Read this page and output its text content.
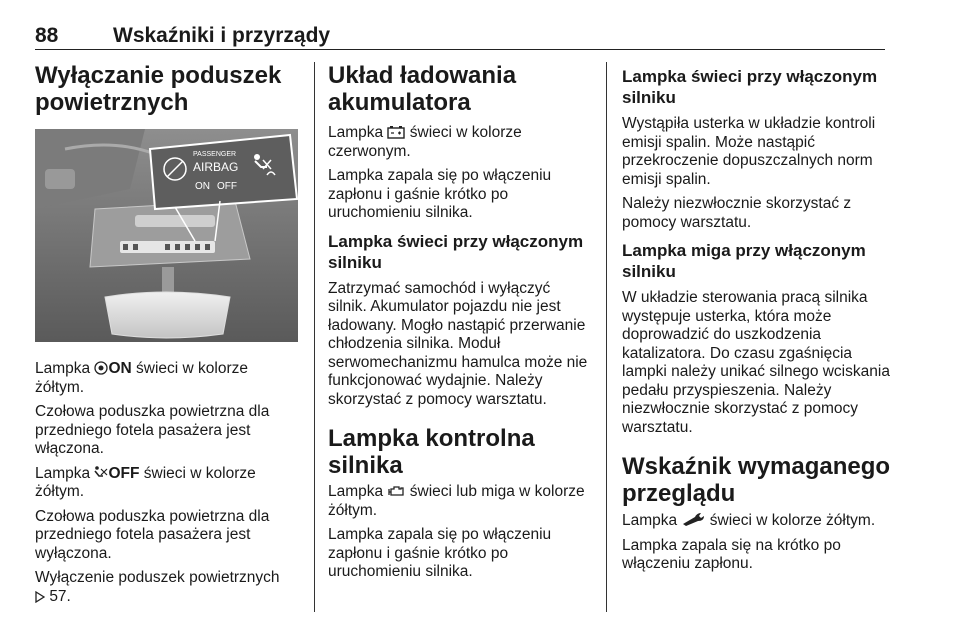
88	Wskaźniki i przyrządy
Wyłączanie poduszek powietrznych
PASSENGER
AIRBAG
ON OFF

Lampka ON świeci w kolorze żółtym.

Czołowa poduszka powietrzna dla przedniego fotela pasażera jest włączona.

Lampka OFF świeci w kolorze żółtym.

Czołowa poduszka powietrzna dla przedniego fotela pasażera jest wyłączona.

Wyłączenie poduszek powietrznych
57.

Układ ładowania akumulatora

Lampka  świeci w kolorze czerwonym.

Lampka zapala się po włączeniu zapłonu i gaśnie krótko po uruchomieniu silnika.

Lampka świeci przy włączonym silniku

Zatrzymać samochód i wyłączyć silnik. Akumulator pojazdu nie jest ładowany. Mogło nastąpić przerwanie chłodzenia silnika. Moduł serwomechanizmu hamulca może nie funkcjonować wydajnie. Należy skorzystać z pomocy warsztatu.

Lampka kontrolna silnika

Lampka  świeci lub miga w kolorze żółtym.

Lampka zapala się po włączeniu zapłonu i gaśnie krótko po uruchomieniu silnika.

Lampka świeci przy włączonym silniku

Wystąpiła usterka w układzie kontroli emisji spalin. Może nastąpić przekroczenie dopuszczalnych norm emisji spalin.

Należy niezwłocznie skorzystać z pomocy warsztatu.

Lampka miga przy włączonym silniku

W układzie sterowania pracą silnika występuje usterka, która może doprowadzić do uszkodzenia katalizatora. Do czasu zgaśnięcia lampki należy unikać silnego wciskania pedału przyspieszenia. Należy niezwłocznie skorzystać z pomocy warsztatu.

Wskaźnik wymaganego przeglądu

Lampka  świeci w kolorze żółtym.

Lampka zapala się na krótko po włączeniu zapłonu.
